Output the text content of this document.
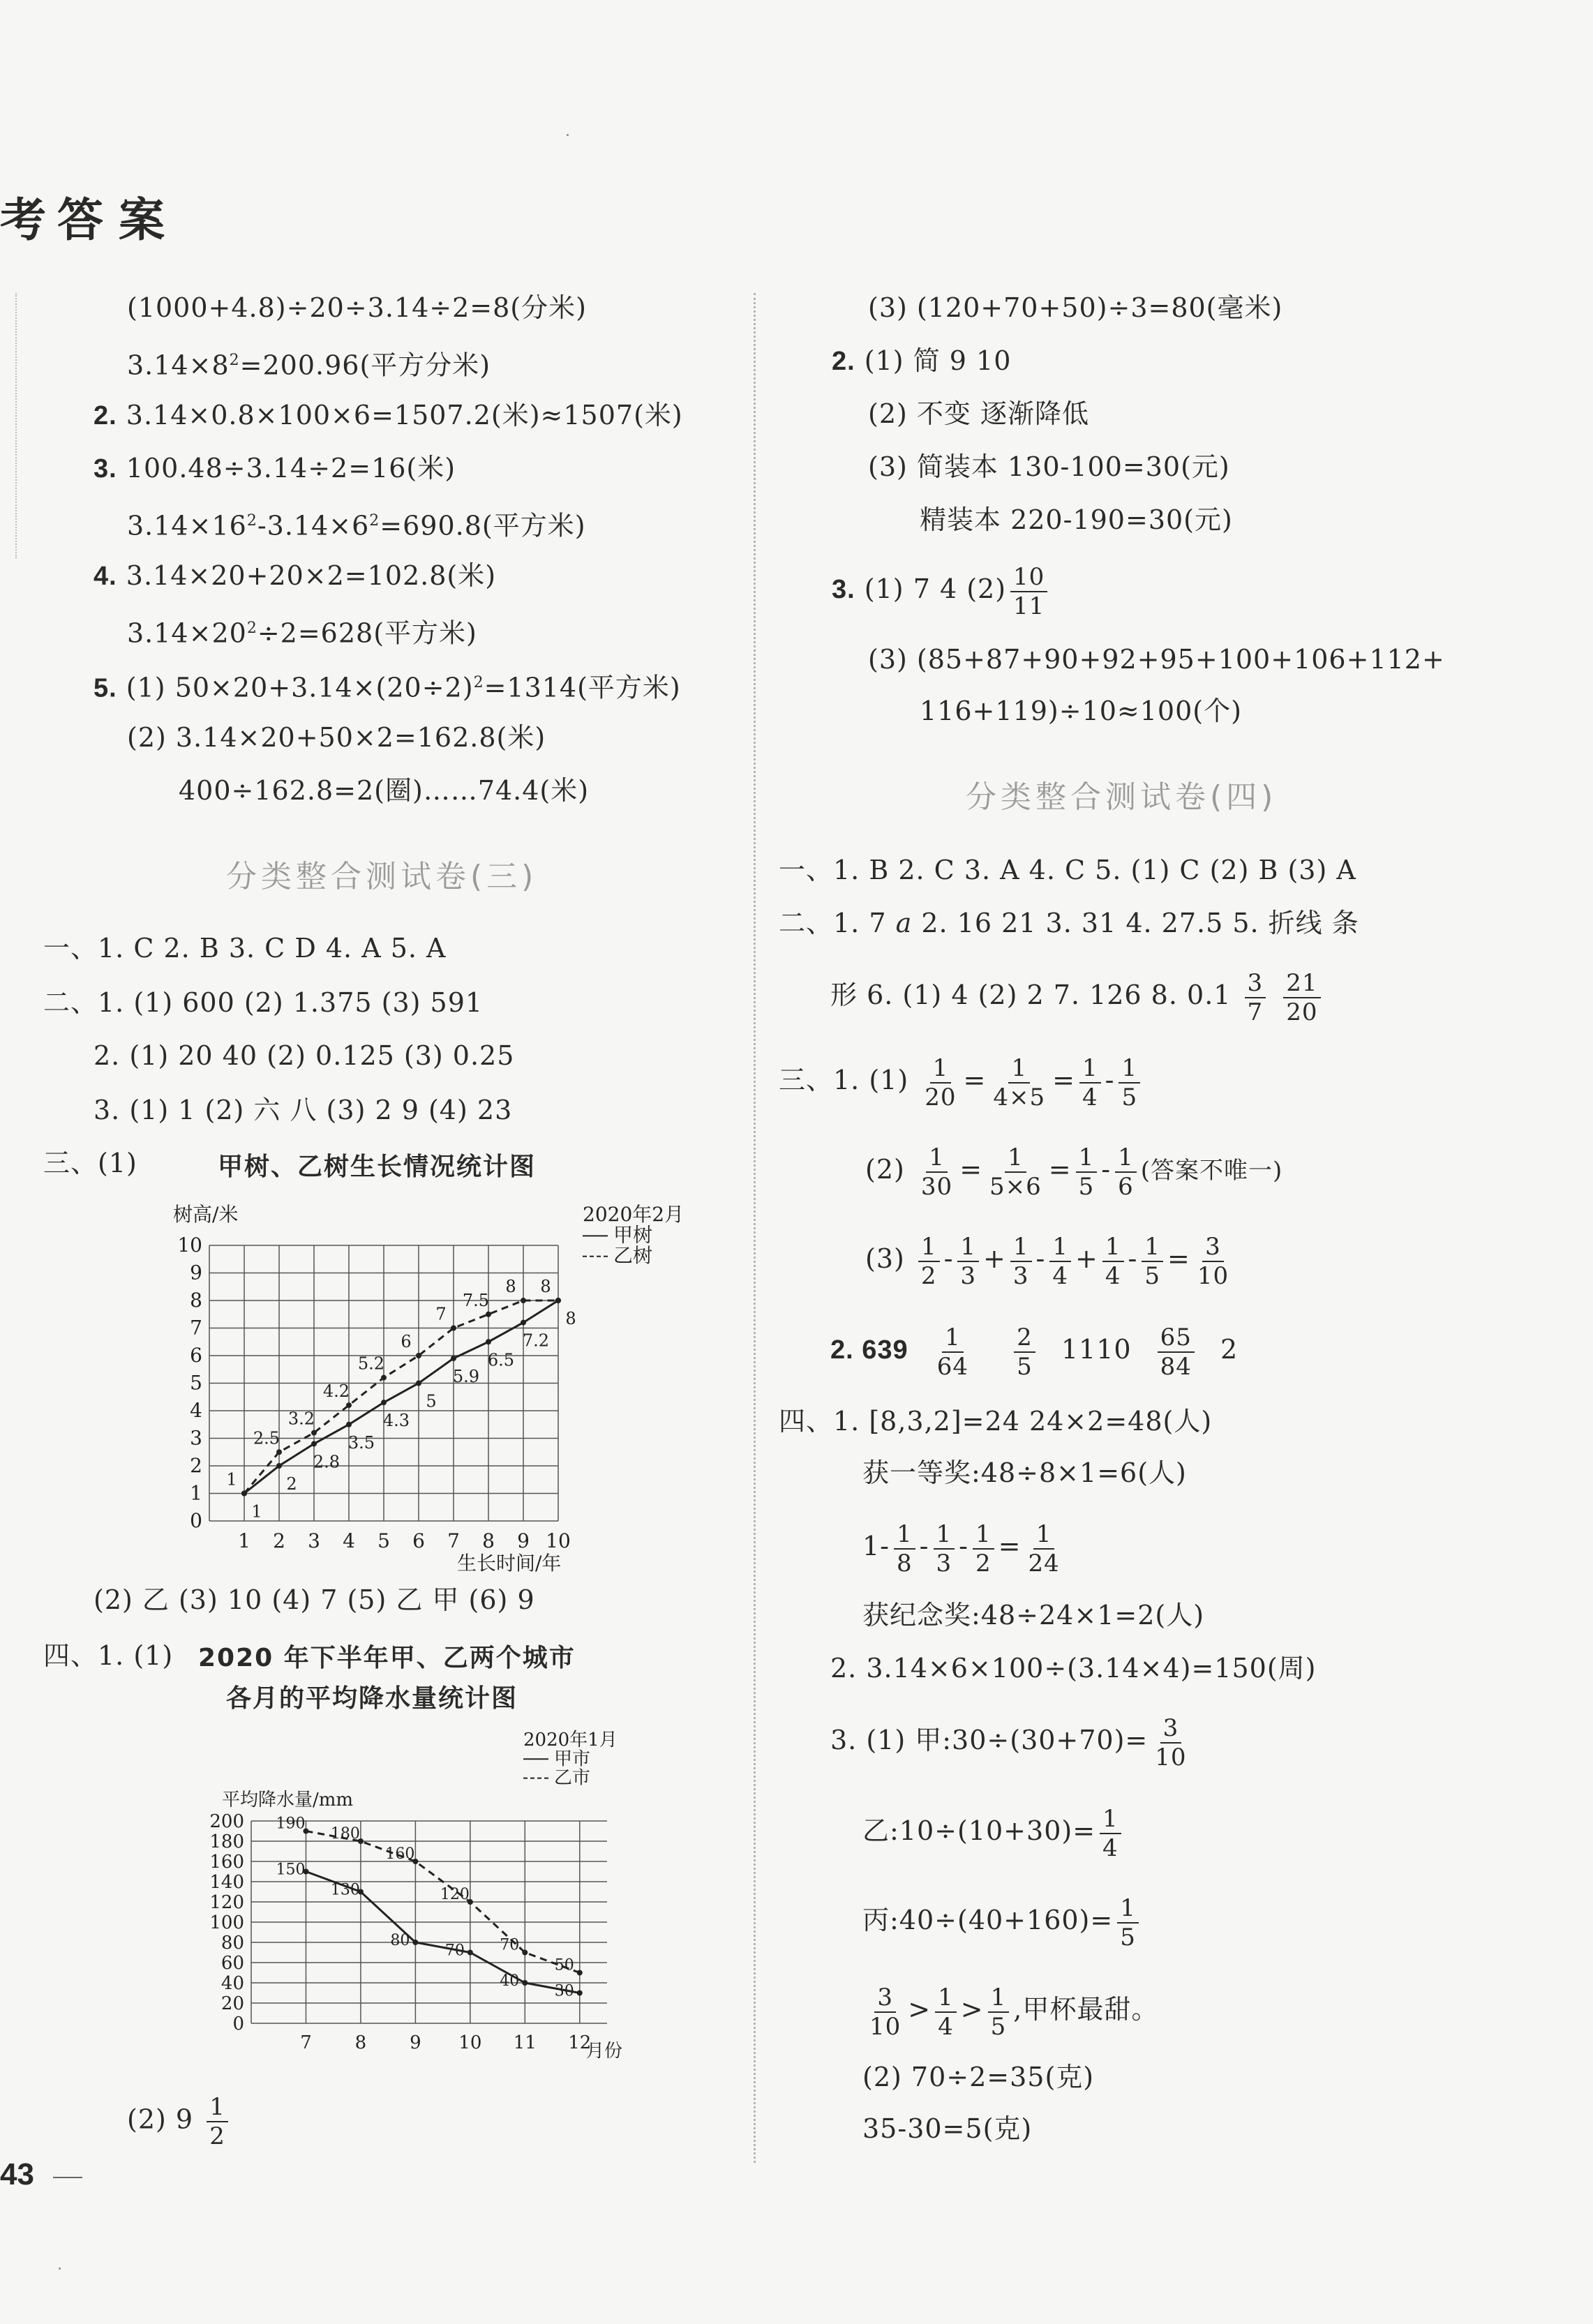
考 答案
(1000+4.8)÷20÷3.14÷2=8(分米)
$3.14\times 8^2=200.96$(平方分米)
2. 3.14×0.8×100×6=1507.2(米)≈1507(米)
3. 100.48÷3.14÷2=16(米)
$3.14\times 16^2-3.14\times 6^2=690.8$(平方米)
4. 3.14×20+20×2=102.8(米)
$3.14\times 20^2\div 2=628$(平方米)
5. (1) $50\times 20+3.14\times(20\div 2)^2=1314$(平方米)
(2) 3.14×20+50×2=162.8(米)
400÷162.8=2(圈)……74.4(米)
分类整合测试卷(三)
一、1. C 2. B 3. C D 4. A 5. A
二、1. (1) 600 (2) 1.375 (3) 591
2. (1) 20 40 (2) 0.125 (3) 0.25
3. (1) 1 (2) 六 八 (3) 2 9 (4) 23
三、(1)	甲树、乙树生长情况统计图
0
1
2
3
4
5
6
7
8
9
10
1 2 3 4 5 6 7 8 9 10
树高/米
生长时间/年
2020年2月
甲树
乙树
1
2
2.8
3.5
4.3
5
5.9
6.5
7.2
8
1
2.5
3.2
4.2
5.2
6
7
7.5
8 8
(2) 乙 (3) 10 (4) 7 (5) 乙 甲 (6) 9
四、1. (1) 2020 年下半年甲、乙两个城市
各月的平均降水量统计图
0
20
40
60
80
100
120
140
160
180
200
7 8 9 10 11 12
平均降水量/mm
月份
2020年1月
甲市
乙市
150
130
80
70
40
30
190
180
160
120
70
50
(2) $9 \frac{1}{2}$
43
(3) (120+70+50)÷3=80(毫米)
2. (1) 简 9 10
(2) 不变 逐渐降低
(3) 简装本 130-100=30(元)
精装本 220-190=30(元)
3. (1) 7 4 $(2) \frac{10}{11}$
(3) (85+87+90+92+95+100+106+112+
116+119)÷10≈100(个)
分类整合测试卷(四)
一、1. B 2. C 3. A 4. C 5. (1) C (2) B (3) A
二、1. 7 a 2. 16 21 3. 31 4. 27.5 5. 折线 条
形 6. (1) 4 (2) 2 7. 126 8. $0.1 \frac{3}{7}$
$\frac{21}{20}$
三、1. $(1) \frac{1}{20} = \frac{1}{4\times 5} = \frac{1}{4} - \frac{1}{5}$
$(2) \frac{1}{30} = \frac{1}{5\times 6} = \frac{1}{5} - \frac{1}{6}$ (答案不唯一)
$(3) \frac{1}{2} - \frac{1}{3} + \frac{1}{3} - \frac{1}{4} + \frac{1}{4} - \frac{1}{5} = \frac{3}{10}$
2. $639 \frac{1}{64}$
$\frac{2}{5} 1110 \frac{65}{84} 2$
四、1. [8,3,2]=24 24×2=48(人)
获一等奖:48÷8×1=6(人)
$1- \frac{1}{8} - \frac{1}{3} - \frac{1}{2} = \frac{1}{24}$
获纪念奖:48÷24×1=2(人)
2. 3.14×6×100÷(3.14×4)=150(周)
3. (1) 甲:30÷(30+70)= $\frac{3}{10}$
乙:10÷(10+30)= $\frac{1}{4}$
丙:40÷(40+160)= $\frac{1}{5}$
$\frac{3}{10} > \frac{1}{4} > \frac{1}{5}$ ,甲杯最甜。
(2) 70÷2=35(克)
35-30=5(克)
